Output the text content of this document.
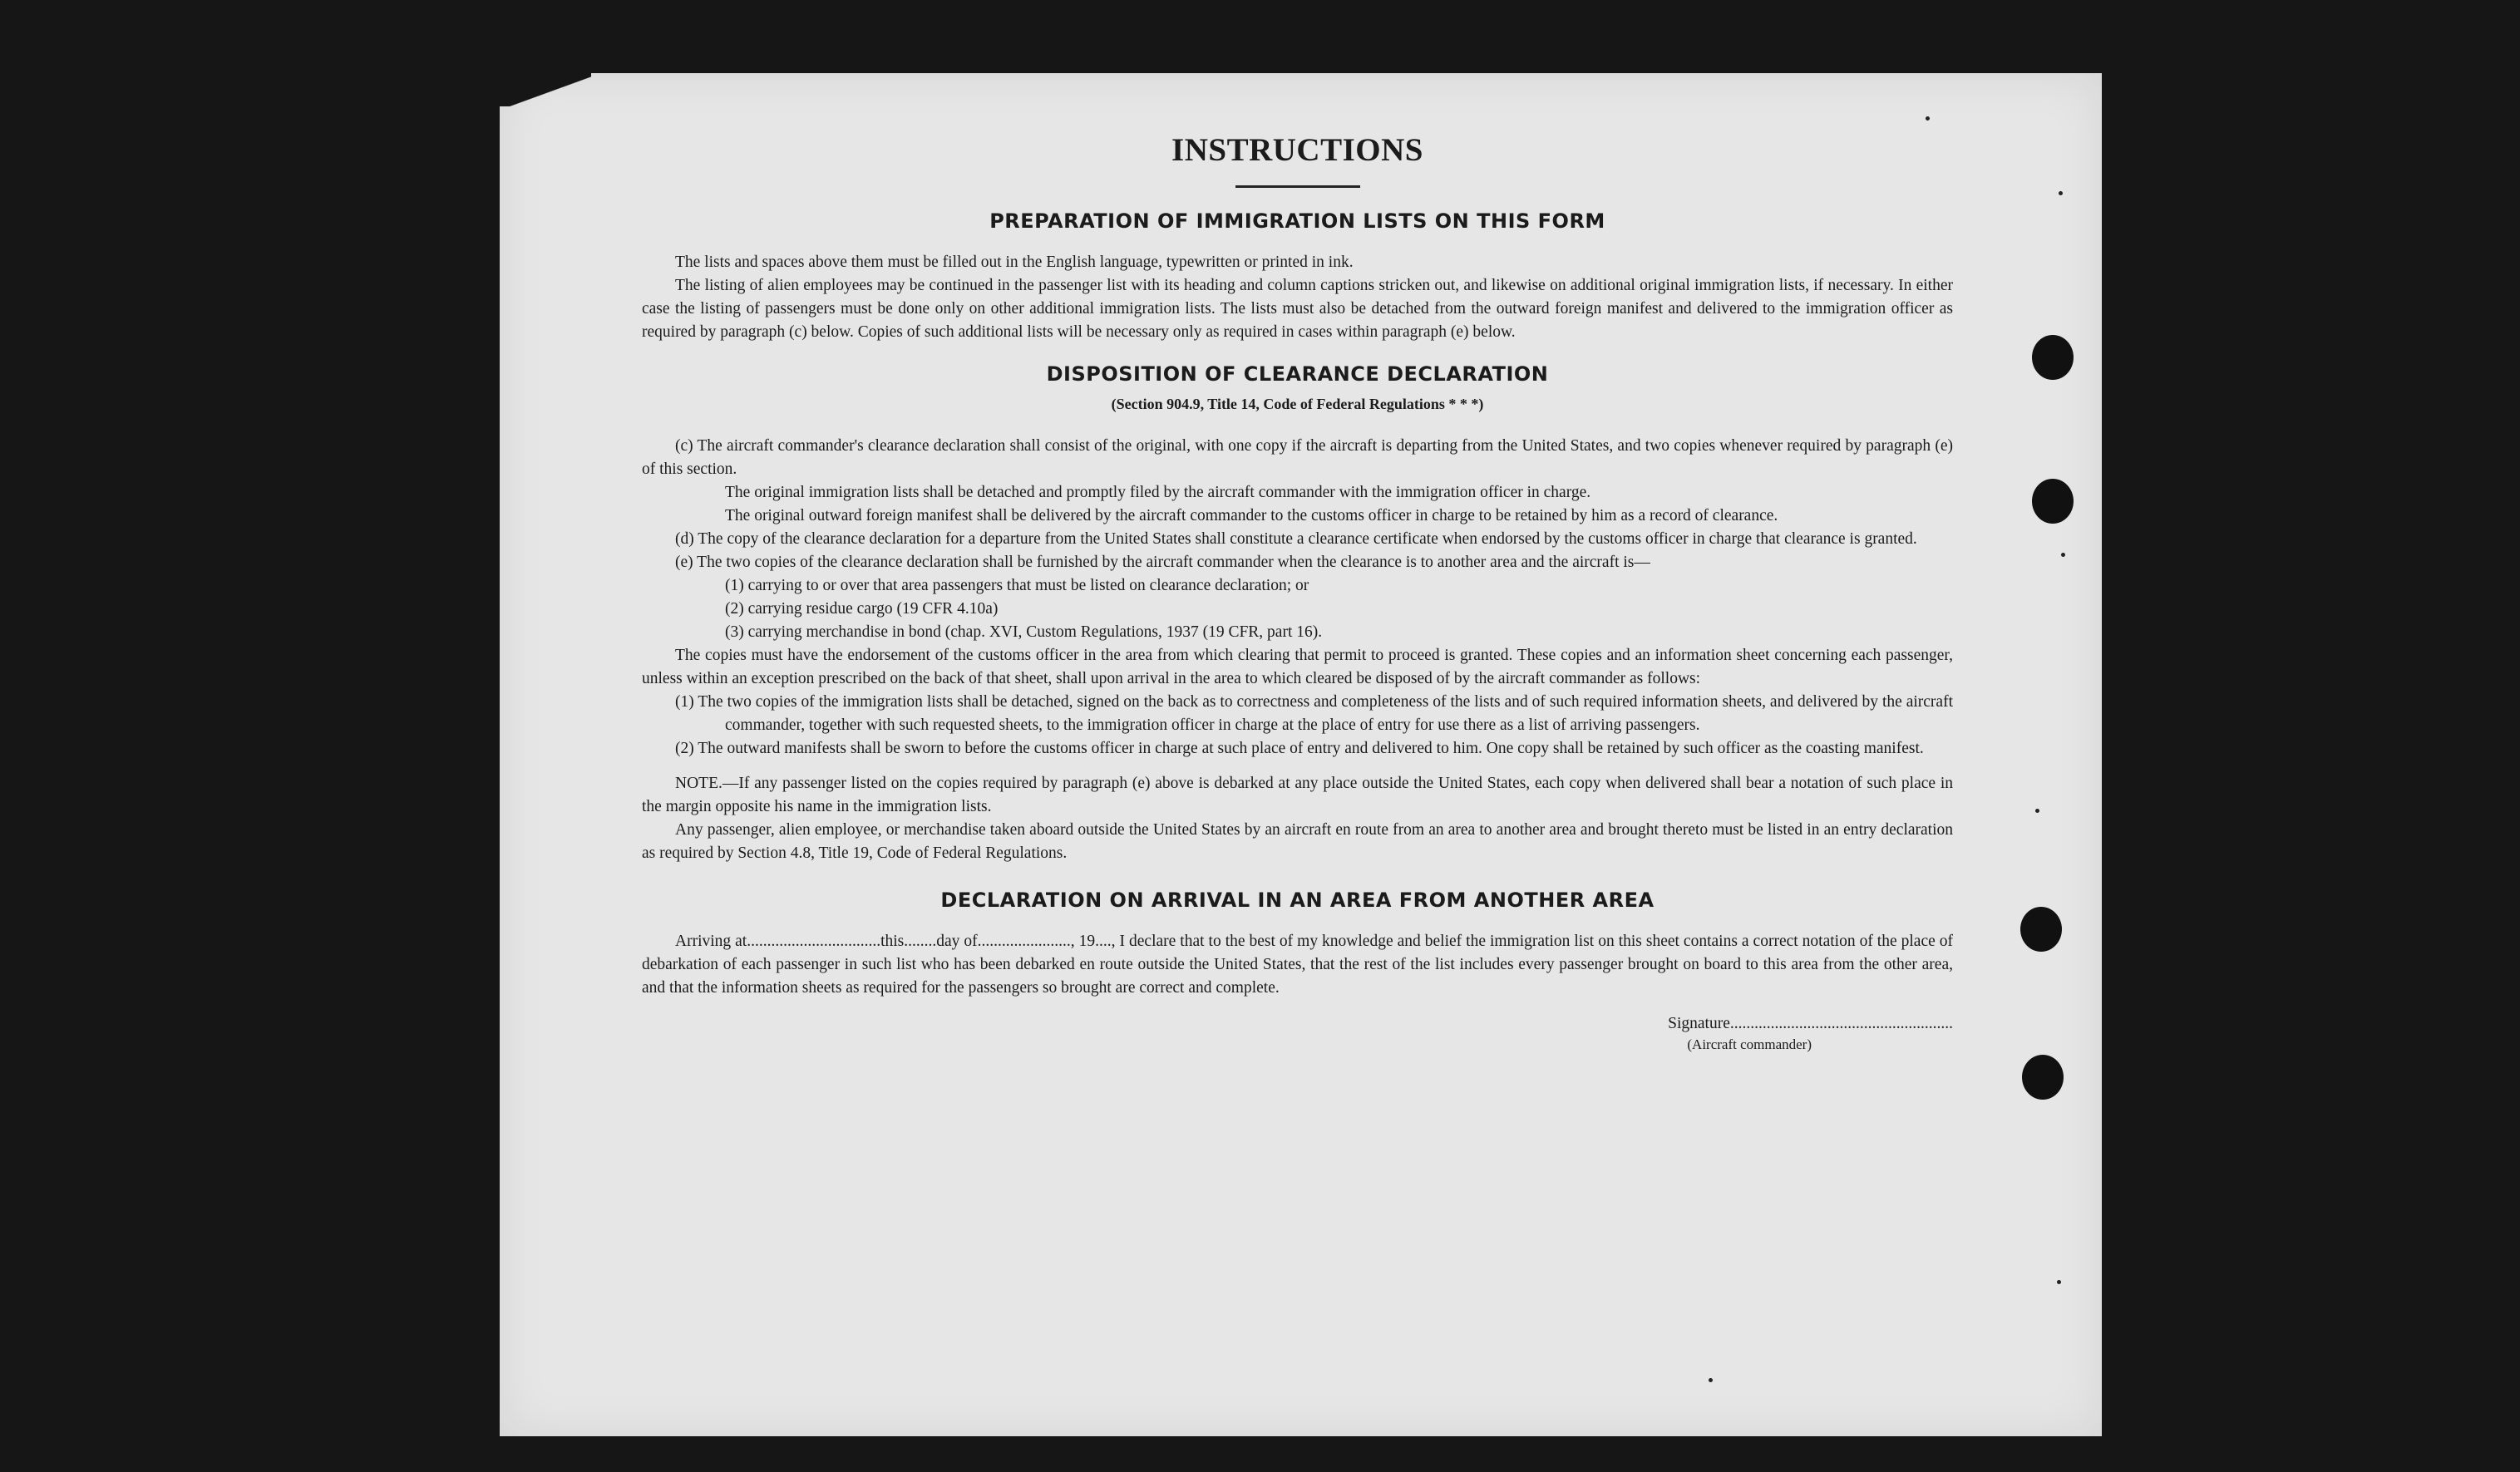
INSTRUCTIONS
PREPARATION OF IMMIGRATION LISTS ON THIS FORM

The lists and spaces above them must be filled out in the English language, typewritten or printed in ink.

The listing of alien employees may be continued in the passenger list with its heading and column captions stricken out, and likewise on additional original immigration lists, if necessary. In either case the listing of passengers must be done only on other additional immigration lists. The lists must also be detached from the outward foreign manifest and delivered to the immigration officer as required by paragraph (c) below. Copies of such additional lists will be necessary only as required in cases within paragraph (e) below.

DISPOSITION OF CLEARANCE DECLARATION
(Section 904.9, Title 14, Code of Federal Regulations * * *)

(c) The aircraft commander's clearance declaration shall consist of the original, with one copy if the aircraft is departing from the United States, and two copies whenever required by paragraph (e) of this section.

The original immigration lists shall be detached and promptly filed by the aircraft commander with the immigration officer in charge.

The original outward foreign manifest shall be delivered by the aircraft commander to the customs officer in charge to be retained by him as a record of clearance.

(d) The copy of the clearance declaration for a departure from the United States shall constitute a clearance certificate when endorsed by the customs officer in charge that clearance is granted.

(e) The two copies of the clearance declaration shall be furnished by the aircraft commander when the clearance is to another area and the aircraft is—

(1) carrying to or over that area passengers that must be listed on clearance declaration; or

(2) carrying residue cargo (19 CFR 4.10a)

(3) carrying merchandise in bond (chap. XVI, Custom Regulations, 1937 (19 CFR, part 16).

The copies must have the endorsement of the customs officer in the area from which clearing that permit to proceed is granted. These copies and an information sheet concerning each passenger, unless within an exception prescribed on the back of that sheet, shall upon arrival in the area to which cleared be disposed of by the aircraft commander as follows:

(1) The two copies of the immigration lists shall be detached, signed on the back as to correctness and completeness of the lists and of such required information sheets, and delivered by the aircraft commander, together with such requested sheets, to the immigration officer in charge at the place of entry for use there as a list of arriving passengers.

(2) The outward manifests shall be sworn to before the customs officer in charge at such place of entry and delivered to him. One copy shall be retained by such officer as the coasting manifest.

NOTE.—If any passenger listed on the copies required by paragraph (e) above is debarked at any place outside the United States, each copy when delivered shall bear a notation of such place in the margin opposite his name in the immigration lists.

Any passenger, alien employee, or merchandise taken aboard outside the United States by an aircraft en route from an area to another area and brought thereto must be listed in an entry declaration as required by Section 4.8, Title 19, Code of Federal Regulations.

DECLARATION ON ARRIVAL IN AN AREA FROM ANOTHER AREA

Arriving at.................................this........day of......................., 19...., I declare that to the best of my knowledge and belief the immigration list on this sheet contains a correct notation of the place of debarkation of each passenger in such list who has been debarked en route outside the United States, that the rest of the list includes every passenger brought on board to this area from the other area, and that the information sheets as required for the passengers so brought are correct and complete.

Signature.......................................................
(Aircraft commander)
